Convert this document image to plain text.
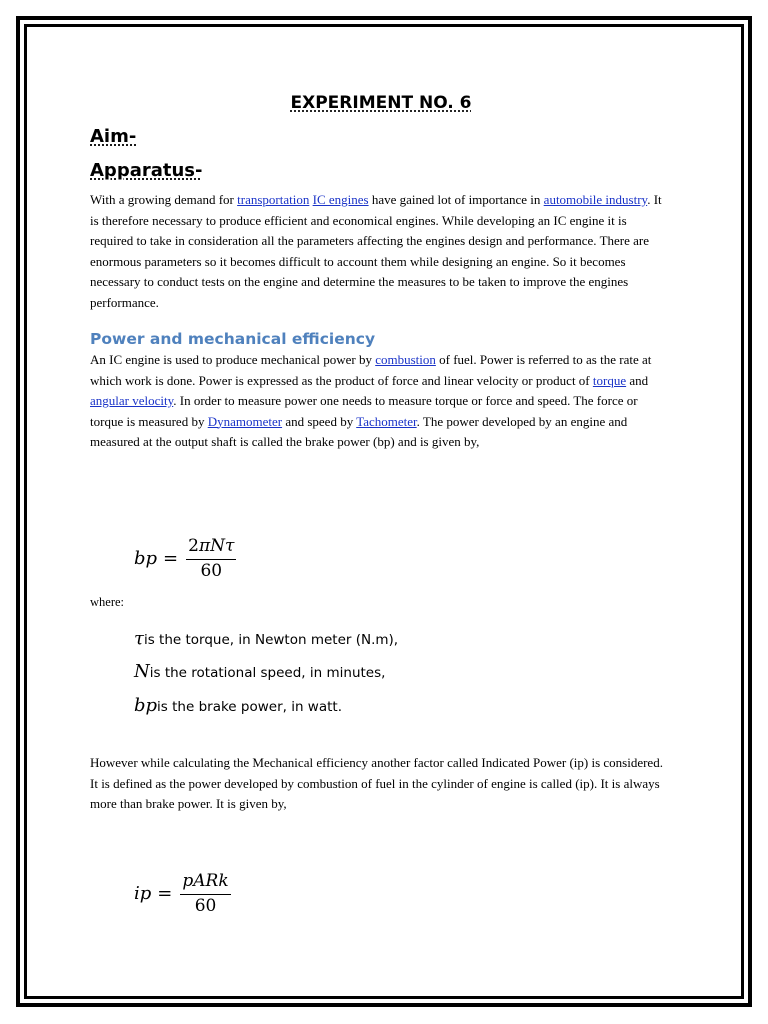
EXPERIMENT NO. 6
Aim-
Apparatus-

With a growing demand for transportation IC engines have gained lot of importance in automobile industry. It is therefore necessary to produce efficient and economical engines. While developing an IC engine it is required to take in consideration all the parameters affecting the engines design and performance. There are enormous parameters so it becomes difficult to account them while designing an engine. So it becomes necessary to conduct tests on the engine and determine the measures to be taken to improve the engines performance.

Power and mechanical efficiency

An IC engine is used to produce mechanical power by combustion of fuel. Power is referred to as the rate at which work is done. Power is expressed as the product of force and linear velocity or product of torque and angular velocity. In order to measure power one needs to measure torque or force and speed. The force or torque is measured by Dynamometer and speed by Tachometer. The power developed by an engine and measured at the output shaft is called the brake power (bp) and is given by,

bp = $\frac{\text{2πNτ}}{60}$
where:
τ is the torque, in Newton meter (N.m),
N is the rotational speed, in minutes,
bp is the brake power, in watt.

However while calculating the Mechanical efficiency another factor called Indicated Power (ip) is considered. It is defined as the power developed by combustion of fuel in the cylinder of engine is called (ip). It is always more than brake power. It is given by,

ip = $\frac{\text{pARk}}{60}$
